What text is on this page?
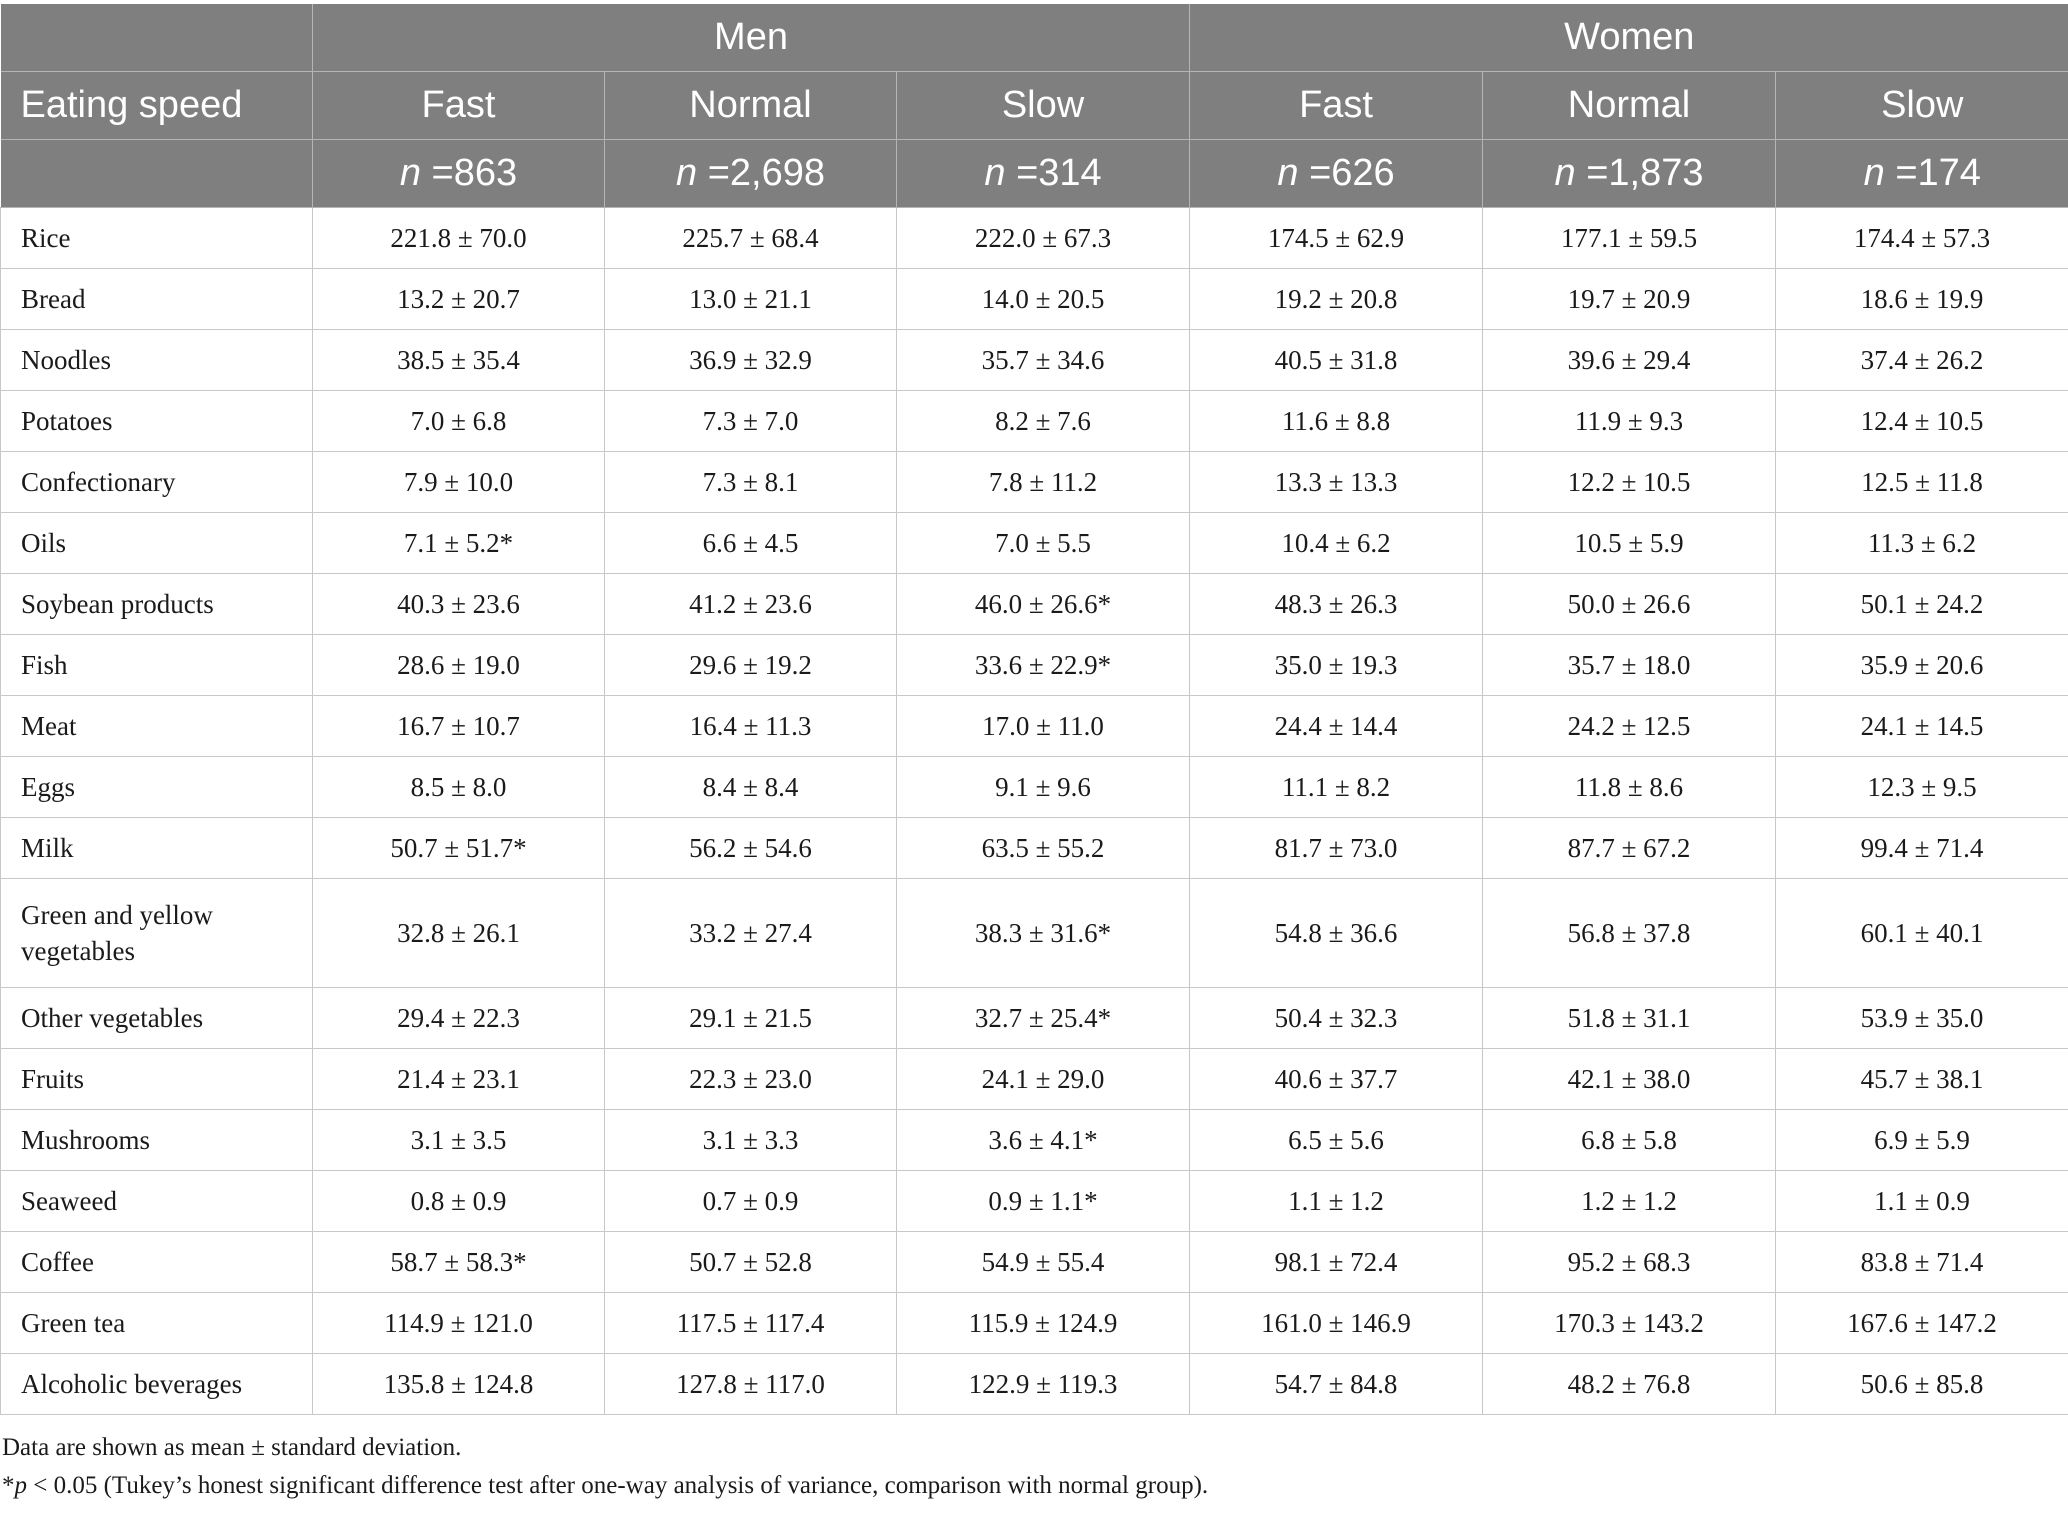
	Men			Women		
Eating speed	Fast	Normal	Slow	Fast	Normal	Slow
	n =863	n =2,698	n =314	n =626	n =1,873	n =174
Rice	221.8 ± 70.0	225.7 ± 68.4	222.0 ± 67.3	174.5 ± 62.9	177.1 ± 59.5	174.4 ± 57.3
Bread	13.2 ± 20.7	13.0 ± 21.1	14.0 ± 20.5	19.2 ± 20.8	19.7 ± 20.9	18.6 ± 19.9
Noodles	38.5 ± 35.4	36.9 ± 32.9	35.7 ± 34.6	40.5 ± 31.8	39.6 ± 29.4	37.4 ± 26.2
Potatoes	7.0 ± 6.8	7.3 ± 7.0	8.2 ± 7.6	11.6 ± 8.8	11.9 ± 9.3	12.4 ± 10.5
Confectionary	7.9 ± 10.0	7.3 ± 8.1	7.8 ± 11.2	13.3 ± 13.3	12.2 ± 10.5	12.5 ± 11.8
Oils	7.1 ± 5.2*	6.6 ± 4.5	7.0 ± 5.5	10.4 ± 6.2	10.5 ± 5.9	11.3 ± 6.2
Soybean products	40.3 ± 23.6	41.2 ± 23.6	46.0 ± 26.6*	48.3 ± 26.3	50.0 ± 26.6	50.1 ± 24.2
Fish	28.6 ± 19.0	29.6 ± 19.2	33.6 ± 22.9*	35.0 ± 19.3	35.7 ± 18.0	35.9 ± 20.6
Meat	16.7 ± 10.7	16.4 ± 11.3	17.0 ± 11.0	24.4 ± 14.4	24.2 ± 12.5	24.1 ± 14.5
Eggs	8.5 ± 8.0	8.4 ± 8.4	9.1 ± 9.6	11.1 ± 8.2	11.8 ± 8.6	12.3 ± 9.5
Milk	50.7 ± 51.7*	56.2 ± 54.6	63.5 ± 55.2	81.7 ± 73.0	87.7 ± 67.2	99.4 ± 71.4
Green and yellow vegetables	32.8 ± 26.1	33.2 ± 27.4	38.3 ± 31.6*	54.8 ± 36.6	56.8 ± 37.8	60.1 ± 40.1
Other vegetables	29.4 ± 22.3	29.1 ± 21.5	32.7 ± 25.4*	50.4 ± 32.3	51.8 ± 31.1	53.9 ± 35.0
Fruits	21.4 ± 23.1	22.3 ± 23.0	24.1 ± 29.0	40.6 ± 37.7	42.1 ± 38.0	45.7 ± 38.1
Mushrooms	3.1 ± 3.5	3.1 ± 3.3	3.6 ± 4.1*	6.5 ± 5.6	6.8 ± 5.8	6.9 ± 5.9
Seaweed	0.8 ± 0.9	0.7 ± 0.9	0.9 ± 1.1*	1.1 ± 1.2	1.2 ± 1.2	1.1 ± 0.9
Coffee	58.7 ± 58.3*	50.7 ± 52.8	54.9 ± 55.4	98.1 ± 72.4	95.2 ± 68.3	83.8 ± 71.4
Green tea	114.9 ± 121.0	117.5 ± 117.4	115.9 ± 124.9	161.0 ± 146.9	170.3 ± 143.2	167.6 ± 147.2
Alcoholic beverages	135.8 ± 124.8	127.8 ± 117.0	122.9 ± 119.3	54.7 ± 84.8	48.2 ± 76.8	50.6 ± 85.8
Data are shown as mean ± standard deviation.
*p < 0.05 (Tukey’s honest significant difference test after one-way analysis of variance, comparison with normal group).
